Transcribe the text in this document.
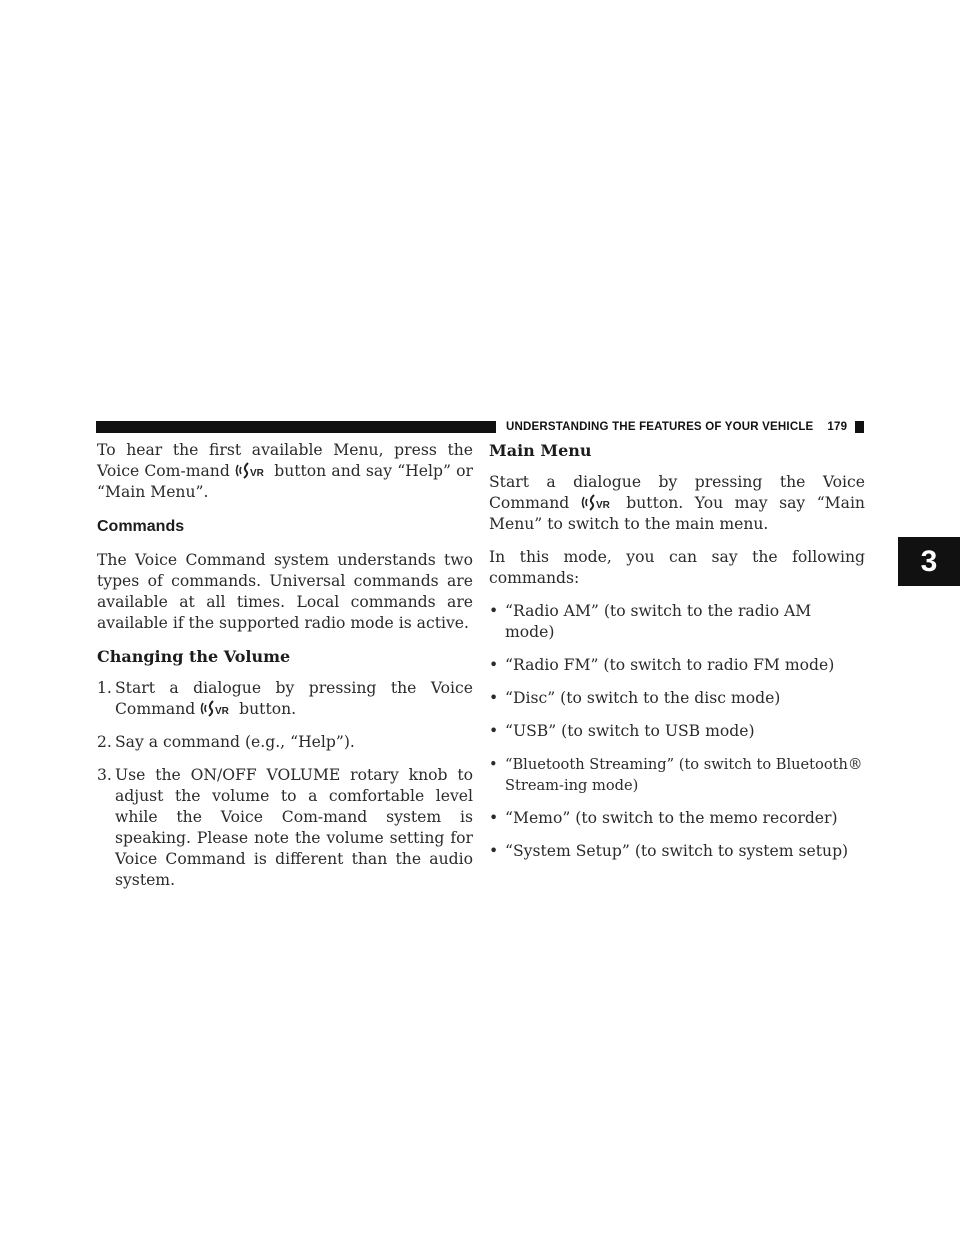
UNDERSTANDING THE FEATURES OF YOUR VEHICLE 179
3

To hear the first available Menu, press the Voice Com-mand VR button and say “Help” or “Main Menu”.

Commands

The Voice Command system understands two types of commands. Universal commands are available at all times. Local commands are available if the supported radio mode is active.

Changing the Volume
1. Start a dialogue by pressing the Voice Command VR button.
2. Say a command (e.g., “Help”).
3. Use the ON/OFF VOLUME rotary knob to adjust the volume to a comfortable level while the Voice Com-mand system is speaking. Please note the volume setting for Voice Command is different than the audio system.
Main Menu

Start a dialogue by pressing the Voice Command	VR button. You may say “Main Menu” to switch to the main menu.

In this mode, you can say the following commands:

• “Radio AM” (to switch to the radio AM mode)
• “Radio FM” (to switch to radio FM mode)
• “Disc” (to switch to the disc mode)
• “USB” (to switch to USB mode)
• “Bluetooth Streaming” (to switch to Bluetooth® Stream-ing mode)
• “Memo” (to switch to the memo recorder)
• “System Setup” (to switch to system setup)
